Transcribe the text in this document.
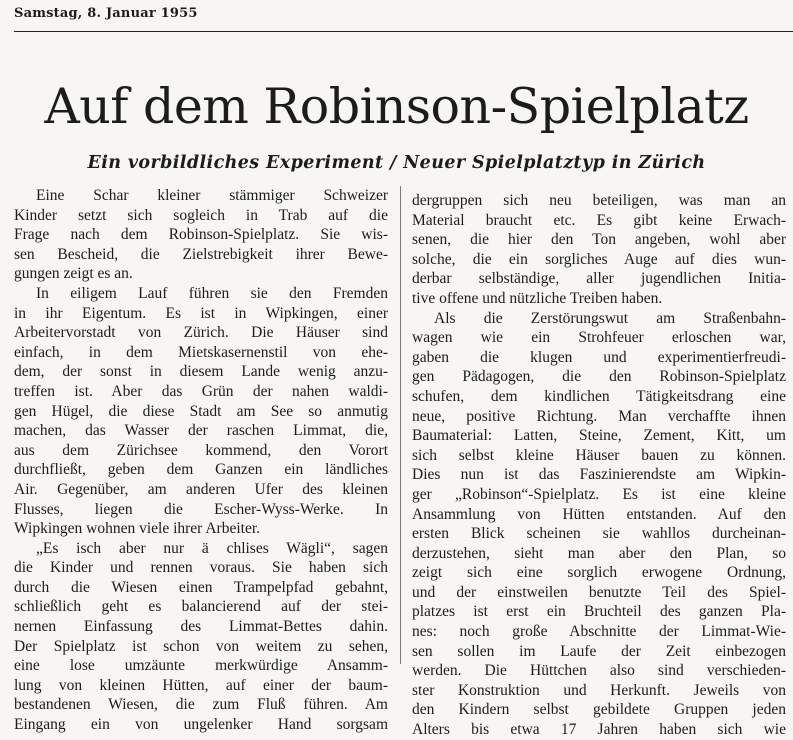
Samstag, 8. Januar 1955
Auf dem Robinson-Spielplatz
Ein vorbildliches Experiment / Neuer Spielplatztyp in Zürich
Eine Schar kleiner stämmiger Schweizer
Kinder setzt sich sogleich in Trab auf die
Frage nach dem Robinson-Spielplatz. Sie wis-
sen Bescheid, die Zielstrebigkeit ihrer Bewe-
gungen zeigt es an.
In eiligem Lauf führen sie den Fremden
in ihr Eigentum. Es ist in Wipkingen, einer
Arbeitervorstadt von Zürich. Die Häuser sind
einfach, in dem Mietskasernenstil von ehe-
dem, der sonst in diesem Lande wenig anzu-
treffen ist. Aber das Grün der nahen waldi-
gen Hügel, die diese Stadt am See so anmutig
machen, das Wasser der raschen Limmat, die,
aus dem Zürichsee kommend, den Vorort
durchfließt, geben dem Ganzen ein ländliches
Air. Gegenüber, am anderen Ufer des kleinen
Flusses, liegen die Escher-Wyss-Werke. In
Wipkingen wohnen viele ihrer Arbeiter.
„Es isch aber nur ä chlises Wägli“, sagen
die Kinder und rennen voraus. Sie haben sich
durch die Wiesen einen Trampelpfad gebahnt,
schließlich geht es balancierend auf der stei-
nernen Einfassung des Limmat-Bettes dahin.
Der Spielplatz ist schon von weitem zu sehen,
eine lose umzäunte merkwürdige Ansamm-
lung von kleinen Hütten, auf einer der baum-
bestandenen Wiesen, die zum Fluß führen. Am
Eingang ein von ungelenker Hand sorgsam
dergruppen sich neu beteiligen, was man an
Material braucht etc. Es gibt keine Erwach-
senen, die hier den Ton angeben, wohl aber
solche, die ein sorgliches Auge auf dies wun-
derbar selbständige, aller jugendlichen Initia-
tive offene und nützliche Treiben haben.
Als die Zerstörungswut am Straßenbahn-
wagen wie ein Strohfeuer erloschen war,
gaben die klugen und experimentierfreudi-
gen Pädagogen, die den Robinson-Spielplatz
schufen, dem kindlichen Tätigkeitsdrang eine
neue, positive Richtung. Man verchaffte ihnen
Baumaterial: Latten, Steine, Zement, Kitt, um
sich selbst kleine Häuser bauen zu können.
Dies nun ist das Faszinierendste am Wipkin-
ger „Robinson“-Spielplatz. Es ist eine kleine
Ansammlung von Hütten entstanden. Auf den
ersten Blick scheinen sie wahllos durcheinan-
derzustehen, sieht man aber den Plan, so
zeigt sich eine sorglich erwogene Ordnung,
und der einstweilen benutzte Teil des Spiel-
platzes ist erst ein Bruchteil des ganzen Pla-
nes: noch große Abschnitte der Limmat-Wie-
sen sollen im Laufe der Zeit einbezogen
werden. Die Hüttchen also sind verschieden-
ster Konstruktion und Herkunft. Jeweils von
den Kindern selbst gebildete Gruppen jeden
Alters bis etwa 17 Jahren haben sich wie
